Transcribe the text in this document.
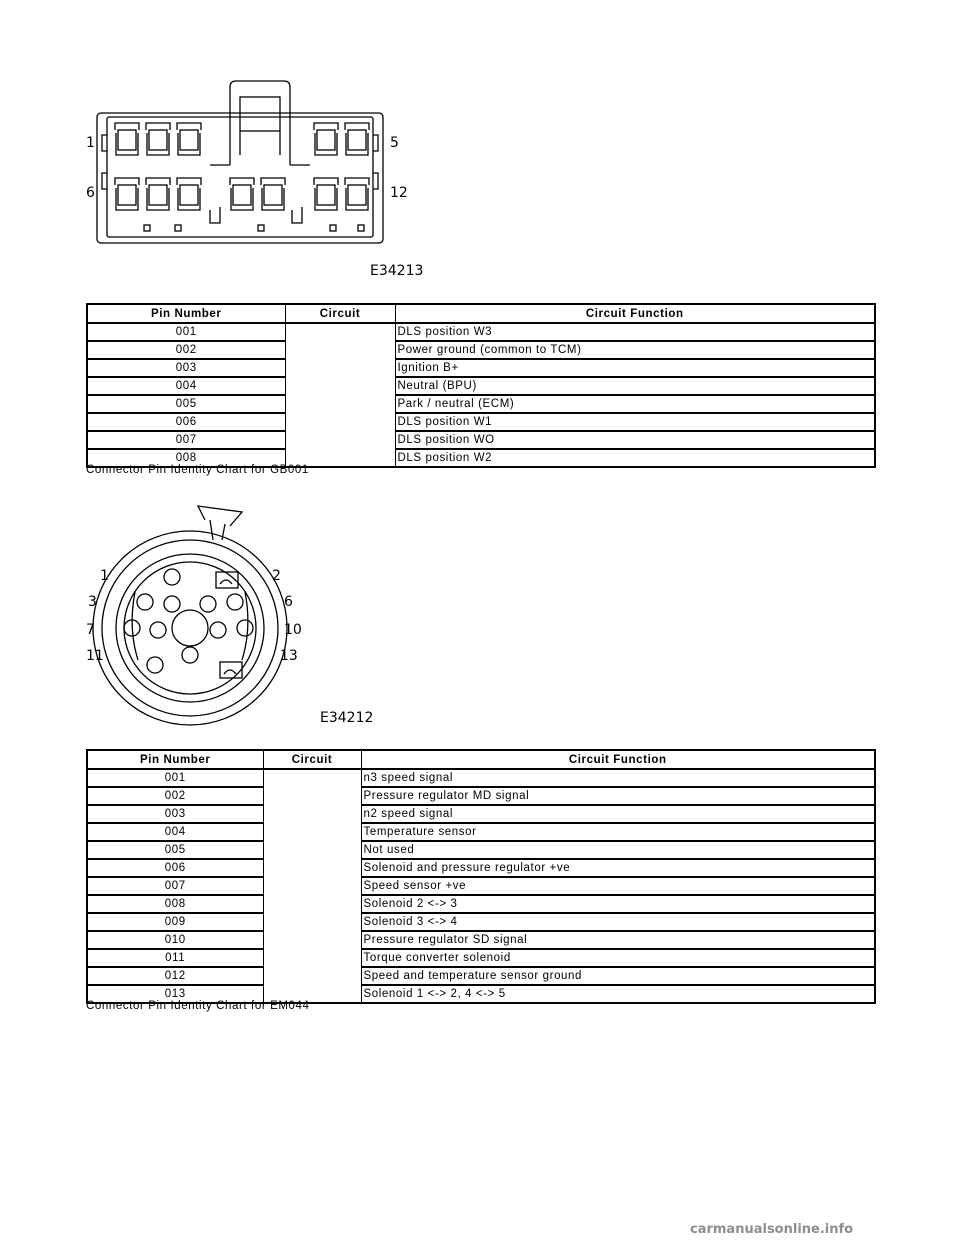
1	5
6	12
E34213
Pin Number	Circuit	Circuit Function
001		DLS position W3
002		Power ground (common to TCM)
003		Ignition B+
004		Neutral (BPU)
005		Park / neutral (ECM)
006		DLS position W1
007		DLS position WO
008		DLS position W2
Connector Pin Identity Chart for GB001
1
3
7
11
2
6
10
13
E34212
Pin Number	Circuit	Circuit Function
001		n3 speed signal
002		Pressure regulator MD signal
003		n2 speed signal
004		Temperature sensor
005		Not used
006		Solenoid and pressure regulator +ve
007		Speed sensor +ve
008		Solenoid 2 <-> 3
009		Solenoid 3 <-> 4
010		Pressure regulator SD signal
011		Torque converter solenoid
012		Speed and temperature sensor ground
013		Solenoid 1 <-> 2, 4 <-> 5
Connector Pin Identity Chart for EM044
carmanualsonline.info
